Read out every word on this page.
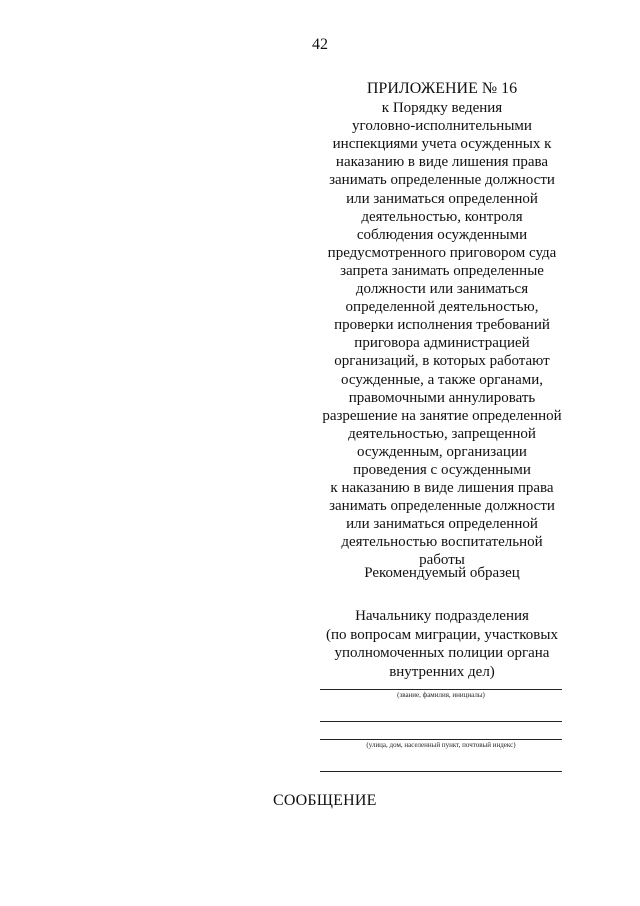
42
ПРИЛОЖЕНИЕ № 16
к Порядку ведения
уголовно-исполнительными
инспекциями учета осужденных к
наказанию в виде лишения права
занимать определенные должности
или заниматься определенной
деятельностью, контроля
соблюдения осужденными
предусмотренного приговором суда
запрета занимать определенные
должности или заниматься
определенной деятельностью,
проверки исполнения требований
приговора администрацией
организаций, в которых работают
осужденные, а также органами,
правомочными аннулировать
разрешение на занятие определенной
деятельностью, запрещенной
осужденным, организации
проведения с осужденными
к наказанию в виде лишения права
занимать определенные должности
или заниматься определенной
деятельностью воспитательной
работы
Рекомендуемый образец
Начальнику подразделения
(по вопросам миграции, участковых
уполномоченных полиции органа
внутренних дел)
(звание, фамилия, инициалы)
(улица, дом, населенный пункт, почтовый индекс)
СООБЩЕНИЕ
